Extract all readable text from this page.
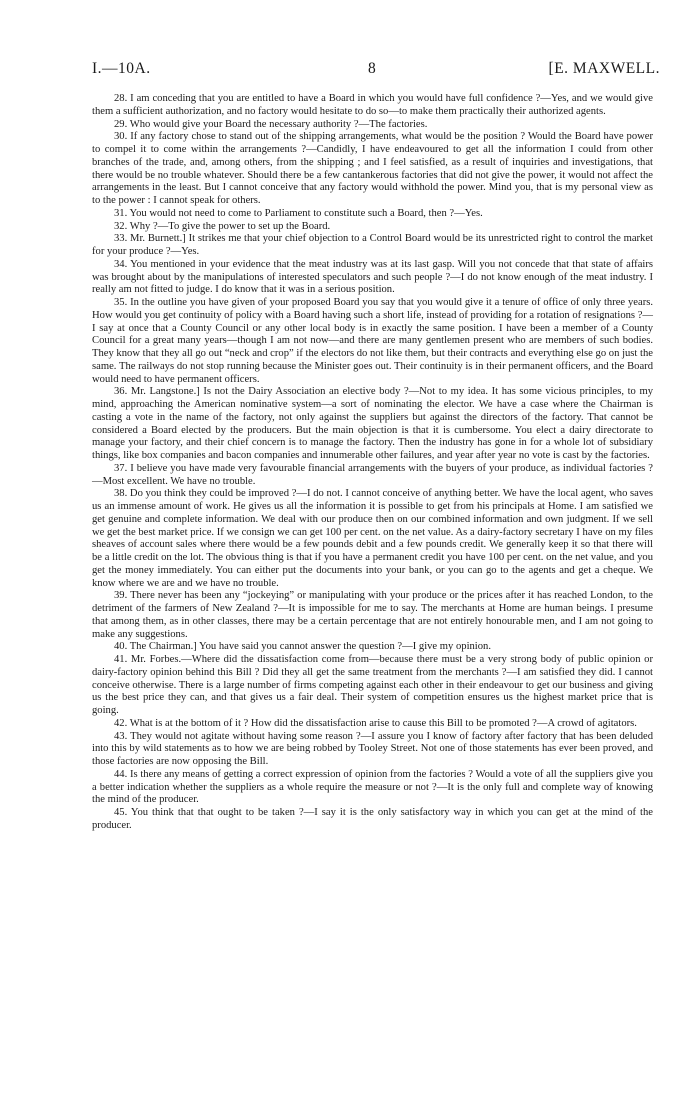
I.—10A.	8	[E. MAXWELL.

28. I am conceding that you are entitled to have a Board in which you would have full confidence ?—Yes, and we would give them a sufficient authorization, and no factory would hesitate to do so—to make them practically their authorized agents.

29. Who would give your Board the necessary authority ?—The factories.

30. If any factory chose to stand out of the shipping arrangements, what would be the position ? Would the Board have power to compel it to come within the arrangements ?—Candidly, I have endeavoured to get all the information I could from other branches of the trade, and, among others, from the shipping ; and I feel satisfied, as a result of inquiries and investigations, that there would be no trouble whatever. Should there be a few cantankerous factories that did not give the power, it would not affect the arrangements in the least. But I cannot conceive that any factory would withhold the power. Mind you, that is my personal view as to the power : I cannot speak for others.

31. You would not need to come to Parliament to constitute such a Board, then ?—Yes.

32. Why ?—To give the power to set up the Board.

33. Mr. Burnett.] It strikes me that your chief objection to a Control Board would be its unrestricted right to control the market for your produce ?—Yes.

34. You mentioned in your evidence that the meat industry was at its last gasp. Will you not concede that that state of affairs was brought about by the manipulations of interested speculators and such people ?—I do not know enough of the meat industry. I really am not fitted to judge. I do know that it was in a serious position.

35. In the outline you have given of your proposed Board you say that you would give it a tenure of office of only three years. How would you get continuity of policy with a Board having such a short life, instead of providing for a rotation of resignations ?—I say at once that a County Council or any other local body is in exactly the same position. I have been a member of a County Council for a great many years—though I am not now—and there are many gentlemen present who are members of such bodies. They know that they all go out “neck and crop” if the electors do not like them, but their contracts and everything else go on just the same. The railways do not stop running because the Minister goes out. Their continuity is in their permanent officers, and the Board would need to have permanent officers.

36. Mr. Langstone.] Is not the Dairy Association an elective body ?—Not to my idea. It has some vicious principles, to my mind, approaching the American nominative system—a sort of nominating the elector. We have a case where the Chairman is casting a vote in the name of the factory, not only against the suppliers but against the directors of the factory. That cannot be considered a Board elected by the producers. But the main objection is that it is cumbersome. You elect a dairy directorate to manage your factory, and their chief concern is to manage the factory. Then the industry has gone in for a whole lot of subsidiary things, like box companies and bacon companies and innumerable other failures, and year after year no vote is cast by the factories.

37. I believe you have made very favourable financial arrangements with the buyers of your produce, as individual factories ?—Most excellent. We have no trouble.

38. Do you think they could be improved ?—I do not. I cannot conceive of anything better. We have the local agent, who saves us an immense amount of work. He gives us all the information it is possible to get from his principals at Home. I am satisfied we get genuine and complete information. We deal with our produce then on our combined information and own judgment. If we sell we get the best market price. If we consign we can get 100 per cent. on the net value. As a dairy-factory secretary I have on my files sheaves of account sales where there would be a few pounds debit and a few pounds credit. We generally keep it so that there will be a little credit on the lot. The obvious thing is that if you have a permanent credit you have 100 per cent. on the net value, and you get the money immediately. You can either put the documents into your bank, or you can go to the agents and get a cheque. We know where we are and we have no trouble.

39. There never has been any “jockeying” or manipulating with your produce or the prices after it has reached London, to the detriment of the farmers of New Zealand ?—It is impossible for me to say. The merchants at Home are human beings. I presume that among them, as in other classes, there may be a certain percentage that are not entirely honourable men, and I am not going to make any suggestions.

40. The Chairman.] You have said you cannot answer the question ?—I give my opinion.

41. Mr. Forbes.—Where did the dissatisfaction come from—because there must be a very strong body of public opinion or dairy-factory opinion behind this Bill ? Did they all get the same treatment from the merchants ?—I am satisfied they did. I cannot conceive otherwise. There is a large number of firms competing against each other in their endeavour to get our business and giving us the best price they can, and that gives us a fair deal. Their system of competition ensures us the highest market price that is going.

42. What is at the bottom of it ? How did the dissatisfaction arise to cause this Bill to be promoted ?—A crowd of agitators.

43. They would not agitate without having some reason ?—I assure you I know of factory after factory that has been deluded into this by wild statements as to how we are being robbed by Tooley Street. Not one of those statements has ever been proved, and those factories are now opposing the Bill.

44. Is there any means of getting a correct expression of opinion from the factories ? Would a vote of all the suppliers give you a better indication whether the suppliers as a whole require the measure or not ?—It is the only full and complete way of knowing the mind of the producer.

45. You think that that ought to be taken ?—I say it is the only satisfactory way in which you can get at the mind of the producer.
